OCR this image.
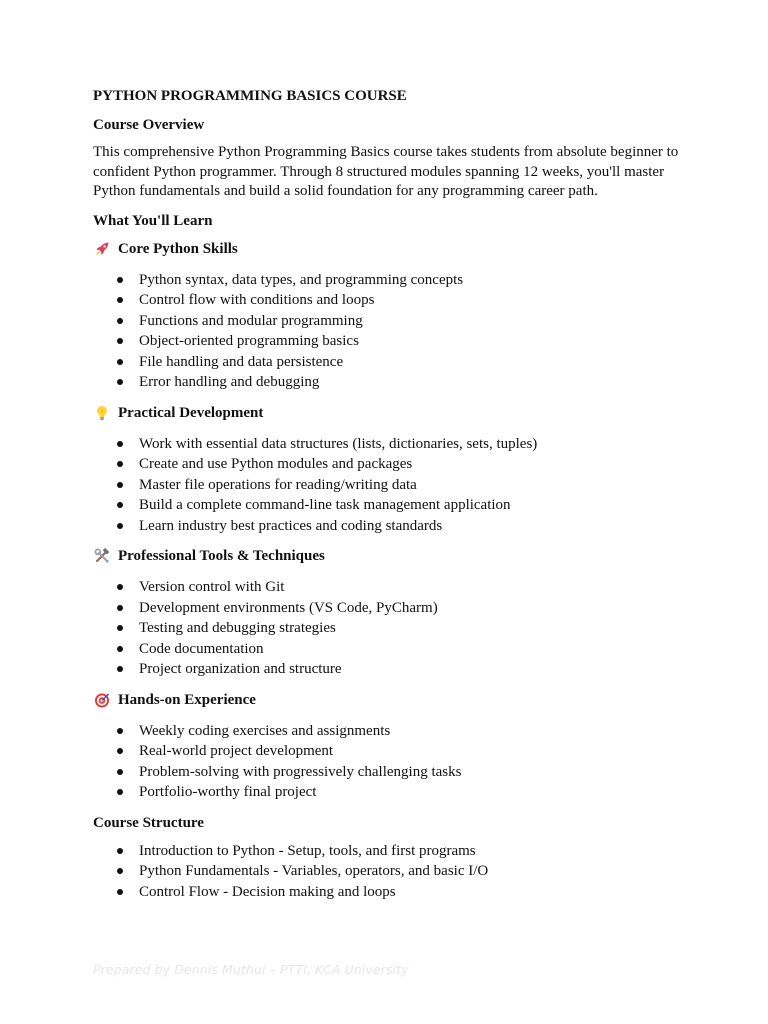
PYTHON PROGRAMMING BASICS COURSE
Course Overview

This comprehensive Python Programming Basics course takes students from absolute beginner to confident Python programmer. Through 8 structured modules spanning 12 weeks, you'll master Python fundamentals and build a solid foundation for any programming career path.

What You'll Learn
Core Python Skills
Python syntax, data types, and programming concepts
Control flow with conditions and loops
Functions and modular programming
Object-oriented programming basics
File handling and data persistence
Error handling and debugging
Practical Development
Work with essential data structures (lists, dictionaries, sets, tuples)
Create and use Python modules and packages
Master file operations for reading/writing data
Build a complete command-line task management application
Learn industry best practices and coding standards
Professional Tools & Techniques
Version control with Git
Development environments (VS Code, PyCharm)
Testing and debugging strategies
Code documentation
Project organization and structure
Hands-on Experience
Weekly coding exercises and assignments
Real-world project development
Problem-solving with progressively challenging tasks
Portfolio-worthy final project
Course Structure
Introduction to Python - Setup, tools, and first programs
Python Fundamentals - Variables, operators, and basic I/O
Control Flow - Decision making and loops
Prepared by Dennis Muthui – PTTI, KCA University
